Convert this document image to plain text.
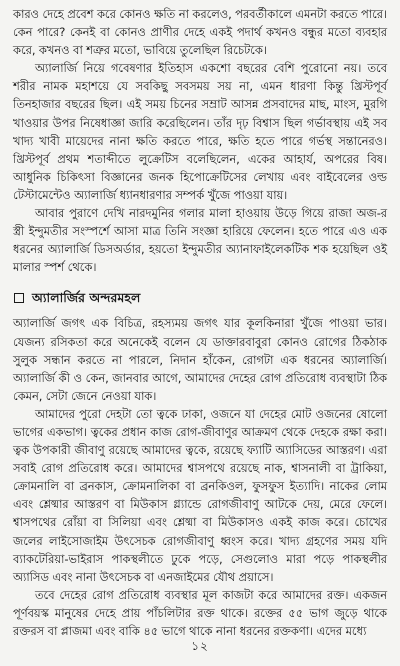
কারও দেহে প্রবেশ করে কোনও ক্ষতি না করলেও, পরবর্তীকালে এমনটা করতে পারে। কেন পারে? কেনই বা কোনও প্রাণীর দেহে একই পদার্থ কখনও বন্ধুর মতো ব্যবহার করে, কখনও বা শত্রুর মতো, ভাবিয়ে তুলেছিল রিচেটকে।

অ্যালার্জি নিয়ে গবেষণার ইতিহাস একশো বছরের বেশি পুরোনো নয়। তবে শরীর নামক মহাশয়ে যে সবকিছু সবসময় সয় না, এমন ধারণা কিন্তু খ্রিস্টপূর্ব তিনহাজার বছরের ছিল। এই সময় চিনের সম্রাট আসন্ন প্রসবাদের মাছ, মাংস, মুরগি খাওয়ার উপর নিষেধাজ্ঞা জারি করেছিলেন। তাঁর দৃঢ় বিশ্বাস ছিল গর্ভাবস্থায় এই সব খাদ্য খাবী মায়েদের নানা ক্ষতি করতে পারে, ক্ষতি হতে পারে গর্ভস্থ সন্তানেরও। খ্রিস্টপূর্ব প্রথম শতাব্দীতে লুক্রেটিস বলেছিলেন, একের আহার্য, অপরের বিষ। আধুনিক চিকিৎসা বিজ্ঞানের জনক হিপোক্রেটিসের লেখায় এবং বাইবেলের ওল্ড টেস্টামেন্টেও অ্যালার্জি ধ্যানধারণার সম্পর্ক খুঁজে পাওয়া যায়।

আবার পুরাণে দেখি নারদমুনির গলার মালা হাওয়ায় উড়ে গিয়ে রাজা অজ-র স্ত্রী ইন্দুমতীর সংস্পর্শে আসা মাত্র তিনি সংজ্ঞা হারিয়ে ফেলেন। হতে পারে এও এক ধরনের অ্যালার্জি ডিসঅর্ডার, হয়তো ইন্দুমতীর অ্যানাফাইলেকটিক শক হয়েছিল ওই মালার স্পর্শ থেকে।

অ্যালার্জির অন্দরমহল

অ্যালার্জি জগৎ এক বিচিত্র, রহস্যময় জগৎ যার কূলকিনারা খুঁজে পাওয়া ভার। যেজন্য রসিকতা করে অনেকেই বলেন যে ডাক্তারবাবুরা কোনও রোগের ঠিকঠাক সুলুক সন্ধান করতে না পারলে, নিদান হাঁকেন, রোগটা এক ধরনের অ্যালার্জি। অ্যালার্জি কী ও কেন, জানবার আগে, আমাদের দেহের রোগ প্রতিরোধ ব্যবস্থাটা ঠিক কেমন, সেটা জেনে নেওয়া যাক।

আমাদের পুরো দেহটা তো ত্বকে ঢাকা, ওজনে যা দেহের মোট ওজনের ষোলো ভাগের একভাগ। ত্বকের প্রধান কাজ রোগ-জীবাণুর আক্রমণ থেকে দেহকে রক্ষা করা। ত্বক উপকারী জীবাণু রয়েছে আমাদের ত্বকে, রয়েছে ফ্যাটি অ্যাসিডের আস্তরণ। এরা সবাই রোগ প্রতিরোধ করে। আমাদের শ্বাসপথে রয়েছে নাক, শ্বাসনালী বা ট্রাকিয়া, ক্রোমনালি বা ব্রনকাস, ক্রোমনালিকা বা ব্রনকিওল, ফুসফুস ইত্যাদি। নাকের লোম এবং শ্লেষ্মার আস্তরণ বা মিউকাস গ্ল্যান্ডে রোগজীবাণু আটকে দেয়, মেরে ফেলে। শ্বাসপথের রোঁয়া বা সিলিয়া এবং শ্লেষ্মা বা মিউকাসও একই কাজ করে। চোখের জলের লাইসোজাইম উৎসেচক রোগজীবাণু ধ্বংস করে। খাদ্য গ্রহণের সময় যদি ব্যাকটেরিয়া-ভাইরাস পাকস্থলীতে ঢুকে পড়ে, সেগুলোও মারা পড়ে পাকস্থলীর অ্যাসিড এবং নানা উৎসেচক বা এনজাইমের যৌথ প্রয়াসে।

তবে দেহের রোগ প্রতিরোধ ব্যবস্থার মূল কাজটা করে আমাদের রক্ত। একজন পূর্ণবয়স্ক মানুষের দেহে প্রায় পাঁচলিটার রক্ত থাকে। রক্তের ৫৫ ভাগ জুড়ে থাকে রক্তরস বা প্লাজমা এবং বাকি ৪৫ ভাগে থাকে নানা ধরনের রক্তকণা। এদের মধ্যে

১২
